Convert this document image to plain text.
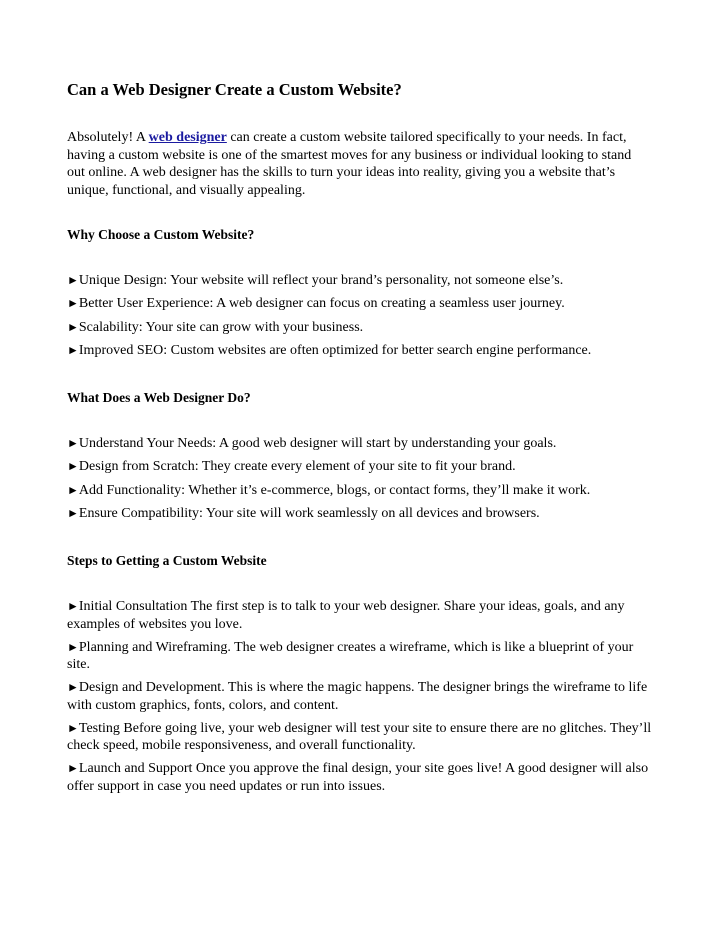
Can a Web Designer Create a Custom Website?

Absolutely! A web designer can create a custom website tailored specifically to your needs. In fact, having a custom website is one of the smartest moves for any business or individual looking to stand out online. A web designer has the skills to turn your ideas into reality, giving you a website that’s unique, functional, and visually appealing.

Why Choose a Custom Website?
►Unique Design: Your website will reflect your brand’s personality, not someone else’s.
►Better User Experience: A web designer can focus on creating a seamless user journey.
►Scalability: Your site can grow with your business.
►Improved SEO: Custom websites are often optimized for better search engine performance.
What Does a Web Designer Do?
►Understand Your Needs: A good web designer will start by understanding your goals.
►Design from Scratch: They create every element of your site to fit your brand.
►Add Functionality: Whether it’s e-commerce, blogs, or contact forms, they’ll make it work.
►Ensure Compatibility: Your site will work seamlessly on all devices and browsers.
Steps to Getting a Custom Website
►Initial Consultation The first step is to talk to your web designer. Share your ideas, goals, and any examples of websites you love.
►Planning and Wireframing. The web designer creates a wireframe, which is like a blueprint of your site.
►Design and Development. This is where the magic happens. The designer brings the wireframe to life with custom graphics, fonts, colors, and content.
►Testing Before going live, your web designer will test your site to ensure there are no glitches. They’ll check speed, mobile responsiveness, and overall functionality.
►Launch and Support Once you approve the final design, your site goes live! A good designer will also offer support in case you need updates or run into issues.
